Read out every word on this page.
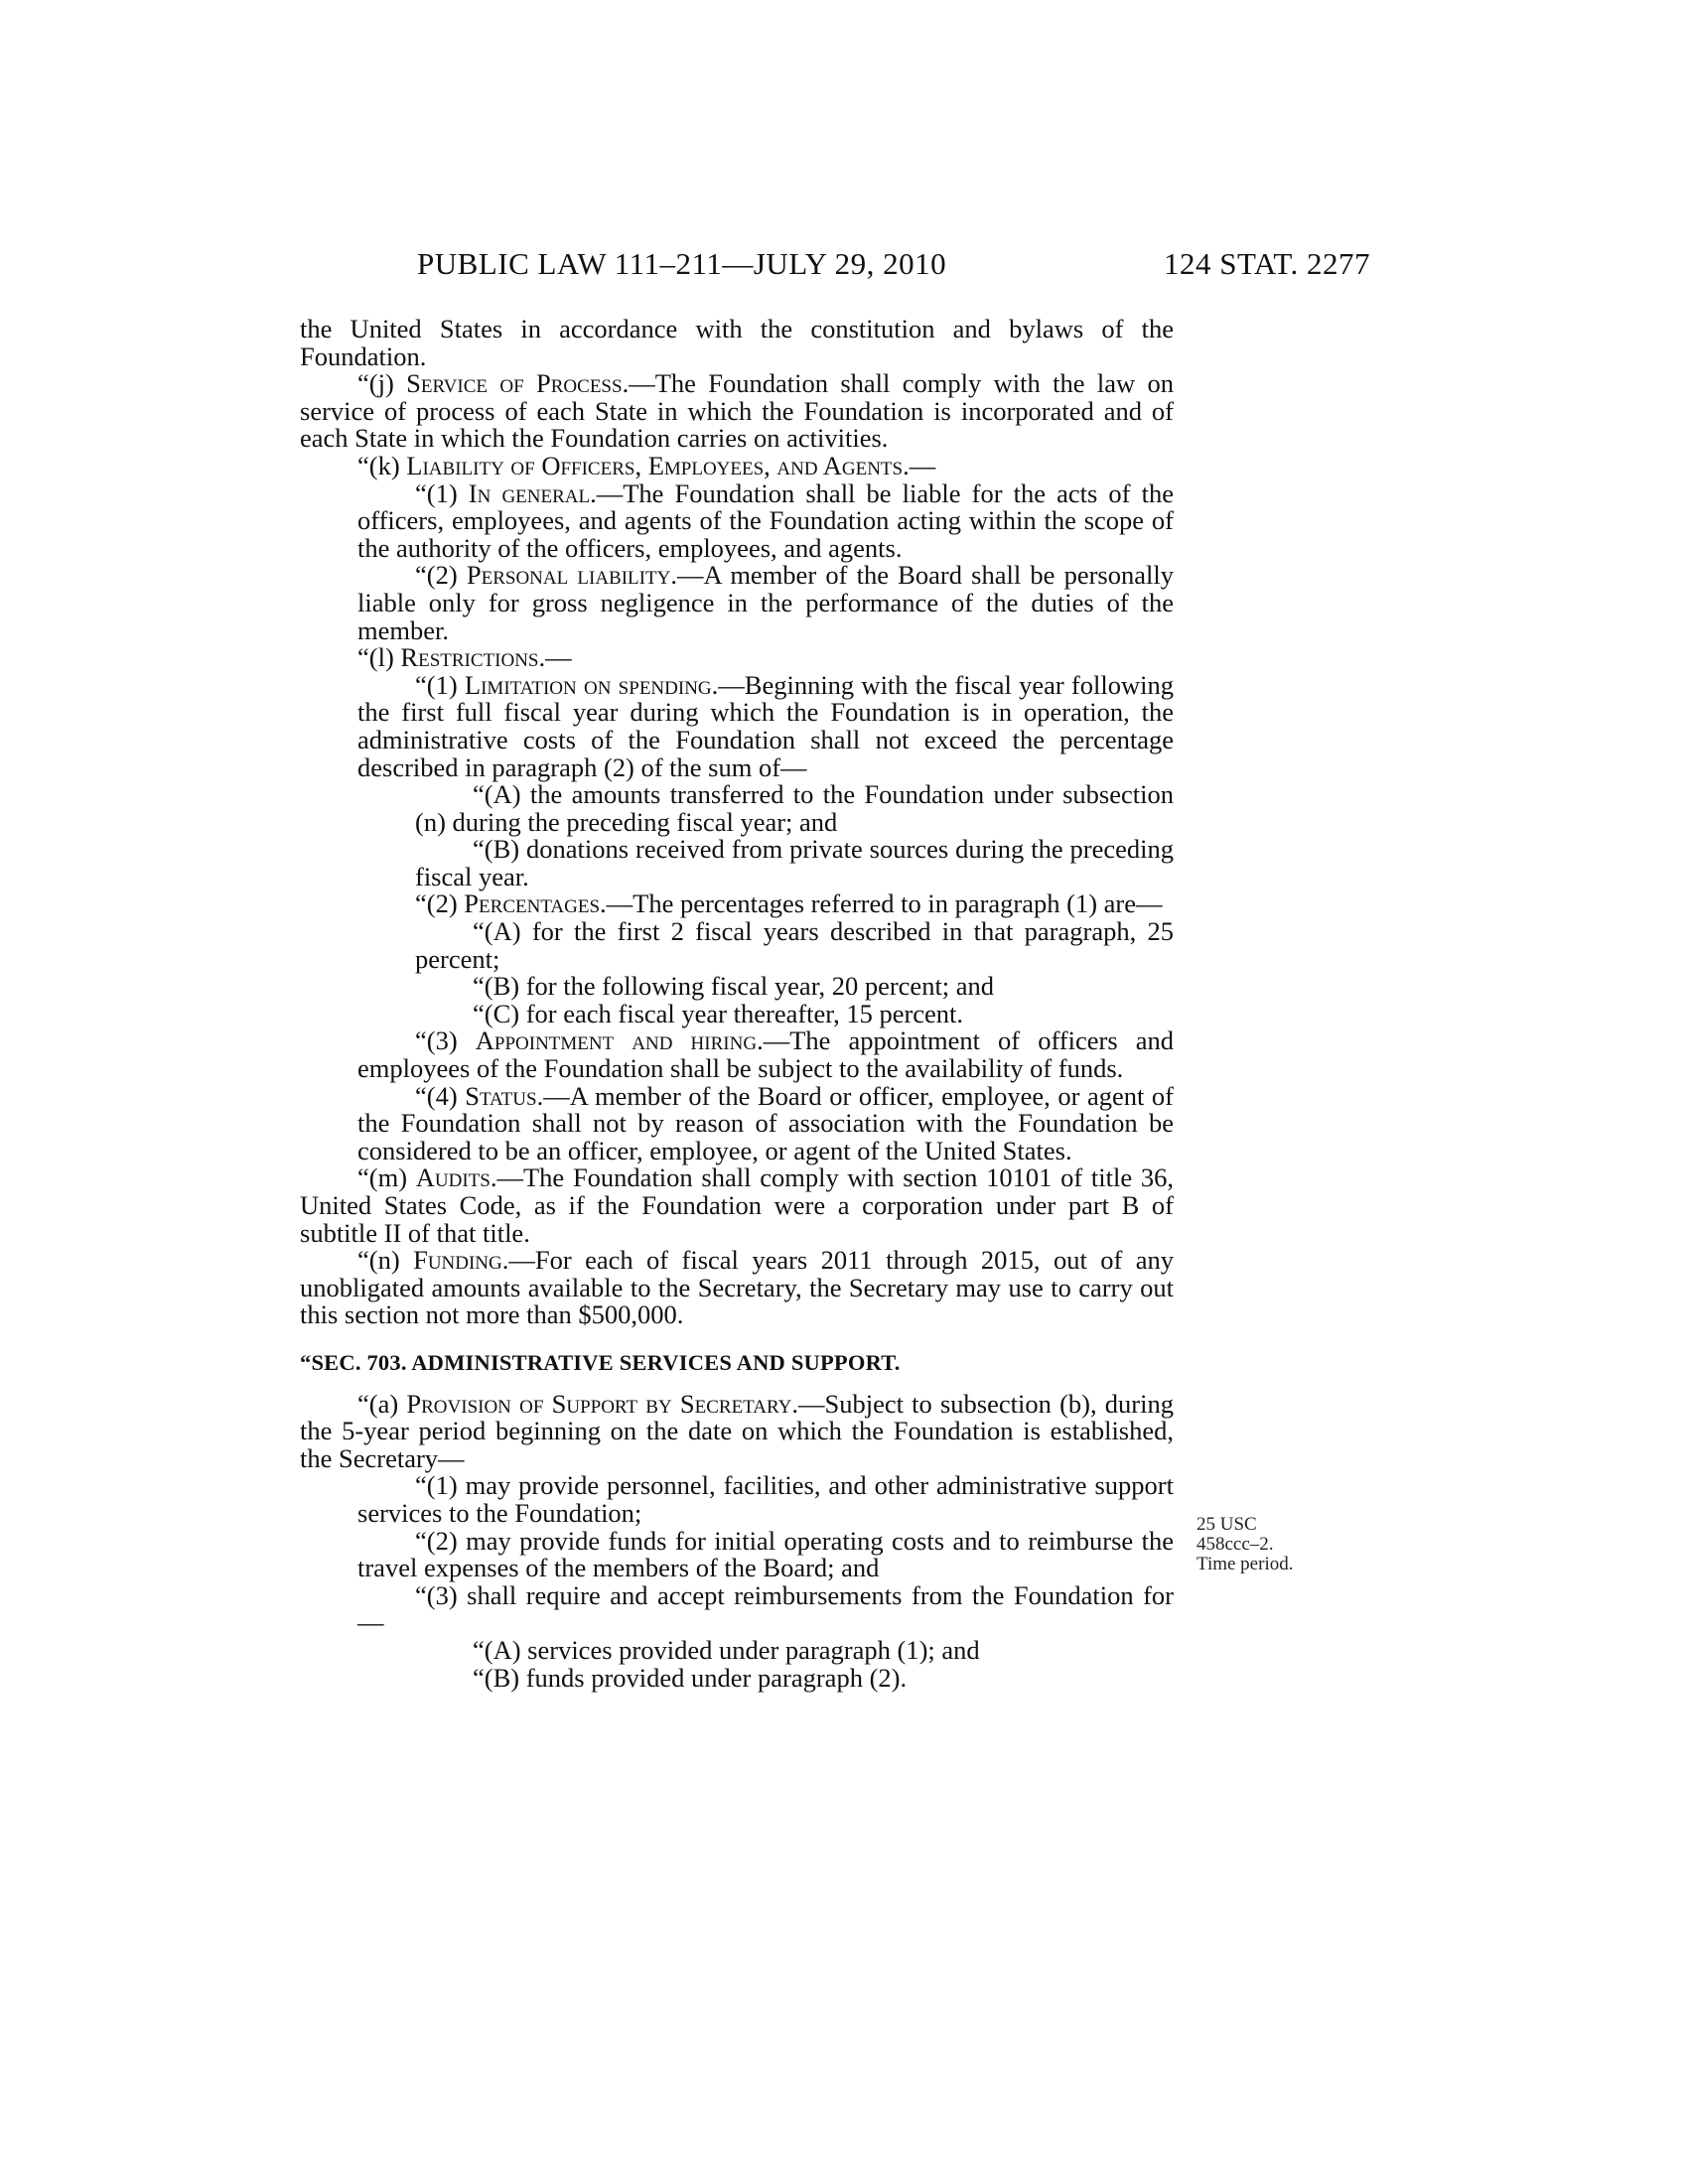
PUBLIC LAW 111–211—JULY 29, 2010	124 STAT. 2277

the United States in accordance with the constitution and bylaws of the Foundation.

“(j) Service of Process.—The Foundation shall comply with the law on service of process of each State in which the Foundation is incorporated and of each State in which the Foundation carries on activities.

“(k) Liability of Officers, Employees, and Agents.—

“(1) In general.—The Foundation shall be liable for the acts of the officers, employees, and agents of the Foundation acting within the scope of the authority of the officers, employees, and agents.

“(2) Personal liability.—A member of the Board shall be personally liable only for gross negligence in the performance of the duties of the member.

“(l) Restrictions.—

“(1) Limitation on spending.—Beginning with the fiscal year following the first full fiscal year during which the Foundation is in operation, the administrative costs of the Foundation shall not exceed the percentage described in paragraph (2) of the sum of—

“(A) the amounts transferred to the Foundation under subsection (n) during the preceding fiscal year; and

“(B) donations received from private sources during the preceding fiscal year.

“(2) Percentages.—The percentages referred to in paragraph (1) are—

“(A) for the first 2 fiscal years described in that paragraph, 25 percent;

“(B) for the following fiscal year, 20 percent; and

“(C) for each fiscal year thereafter, 15 percent.

“(3) Appointment and hiring.—The appointment of officers and employees of the Foundation shall be subject to the availability of funds.

“(4) Status.—A member of the Board or officer, employee, or agent of the Foundation shall not by reason of association with the Foundation be considered to be an officer, employee, or agent of the United States.

“(m) Audits.—The Foundation shall comply with section 10101 of title 36, United States Code, as if the Foundation were a corporation under part B of subtitle II of that title.

“(n) Funding.—For each of fiscal years 2011 through 2015, out of any unobligated amounts available to the Secretary, the Secretary may use to carry out this section not more than $500,000.

“SEC. 703. ADMINISTRATIVE SERVICES AND SUPPORT.

“(a) Provision of Support by Secretary.—Subject to subsection (b), during the 5-year period beginning on the date on which the Foundation is established, the Secretary—

“(1) may provide personnel, facilities, and other administrative support services to the Foundation;

“(2) may provide funds for initial operating costs and to reimburse the travel expenses of the members of the Board; and

“(3) shall require and accept reimbursements from the Foundation for—

“(A) services provided under paragraph (1); and

“(B) funds provided under paragraph (2).

25 USC
458ccc–2.
Time period.
